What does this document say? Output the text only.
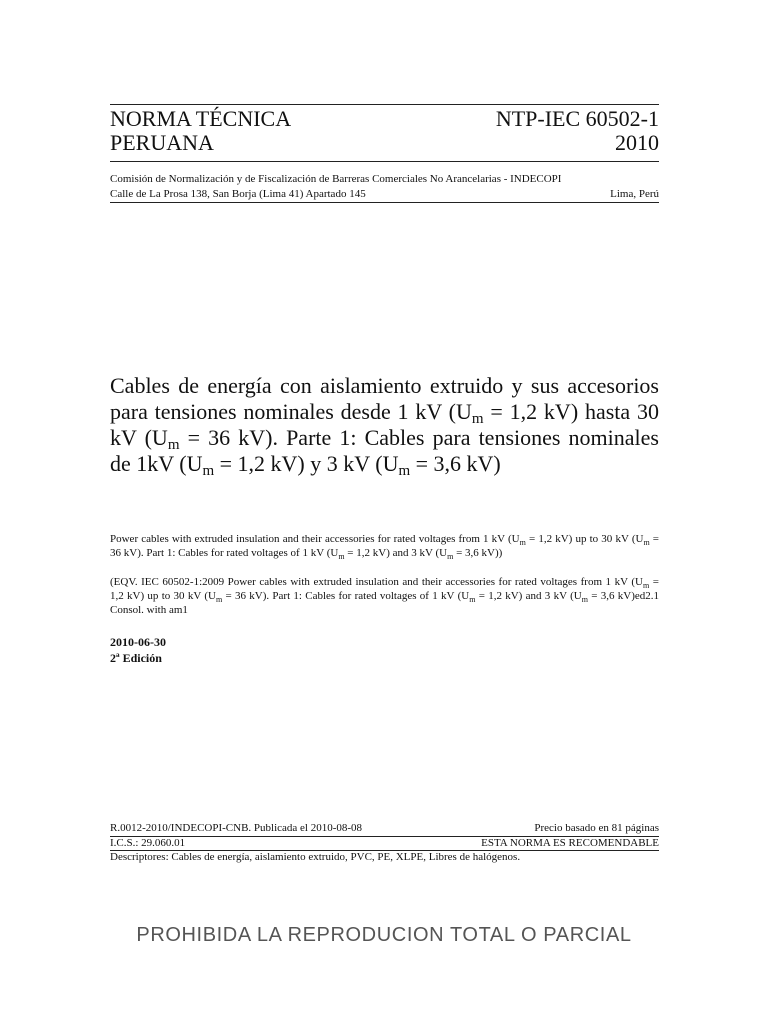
NORMA TÉCNICA	NTP-IEC 60502-1
PERUANA	2010
Comisión de Normalización y de Fiscalización de Barreras Comerciales No Arancelarias - INDECOPI
Calle de La Prosa 138, San Borja (Lima 41) Apartado 145	Lima, Perú
Cables de energía con aislamiento extruido y sus accesorios para tensiones nominales desde 1 kV ($U_m = 1,2$ kV) hasta 30 kV ($U_m = 36$ kV). Parte 1: Cables para tensiones nominales de 1kV ($U_m = 1,2$ kV) y 3 kV ($U_m = 3,6$ kV)
Power cables with extruded insulation and their accessories for rated voltages from 1 kV ($U_m = 1,2$ kV) up to 30 kV ($U_m = 36$ kV). Part 1: Cables for rated voltages of 1 kV ($U_m = 1,2$ kV) and 3 kV ($U_m = 3,6$ kV))
(EQV. IEC 60502-1:2009 Power cables with extruded insulation and their accessories for rated voltages from 1 kV ($U_m = 1,2$ kV) up to 30 kV ($U_m = 36$ kV). Part 1: Cables for rated voltages of 1 kV ($U_m = 1,2$ kV) and 3 kV ($U_m = 3,6$ kV)ed2.1 Consol. with am1
2010-06-30
2ª Edición
R.0012-2010/INDECOPI-CNB. Publicada el 2010-08-08	Precio basado en 81 páginas
I.C.S.: 29.060.01	ESTA NORMA ES RECOMENDABLE
Descriptores: Cables de energía, aislamiento extruido, PVC, PE, XLPE, Libres de halógenos.
PROHIBIDA LA REPRODUCION TOTAL O PARCIAL
